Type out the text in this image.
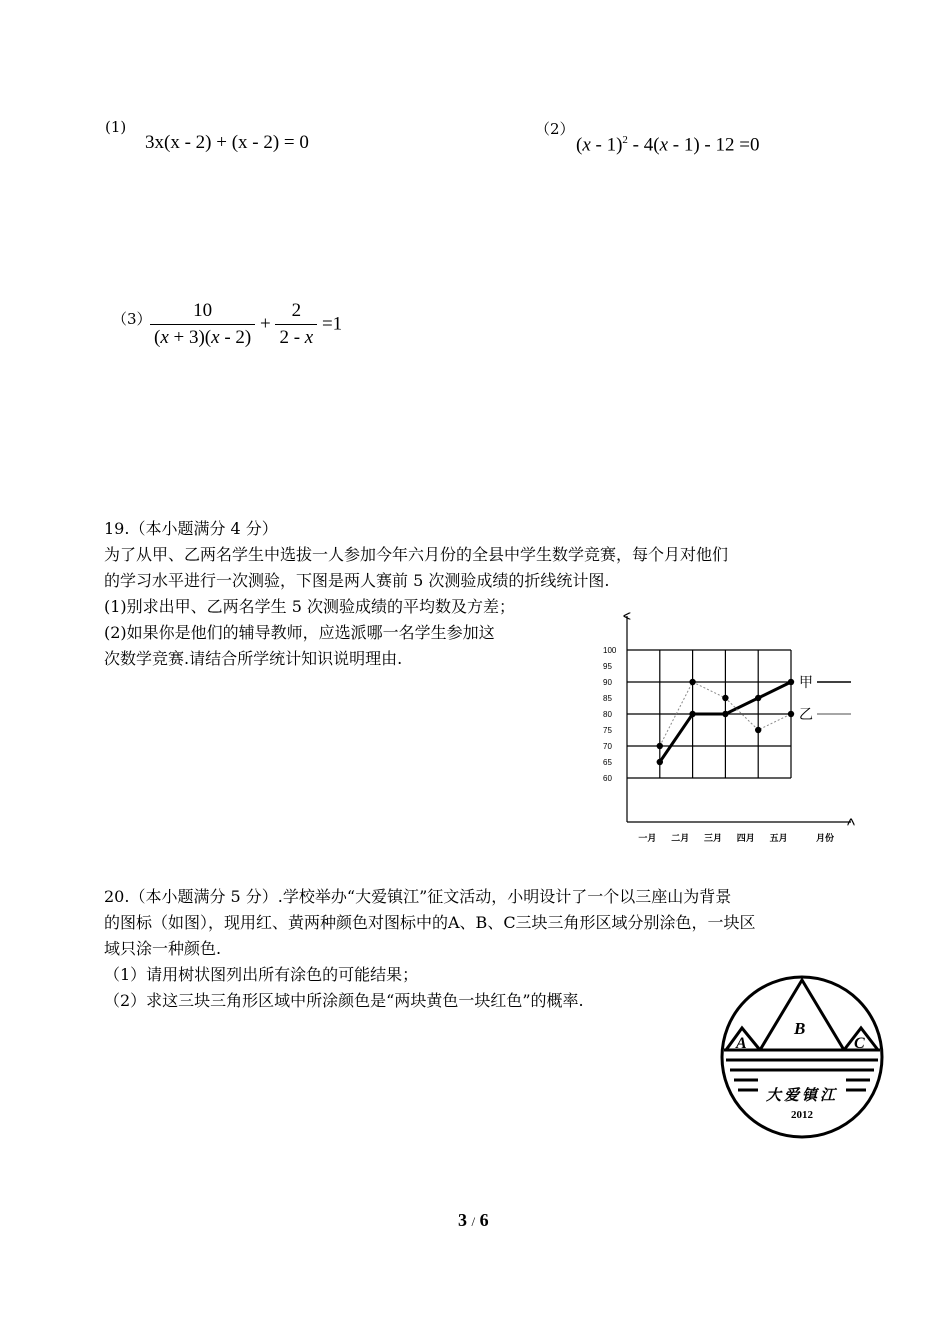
(1)
3x(x - 2) + (x - 2) = 0
（2）
(x - 1)$^2$ - 4(x - 1) - 12 =0
（3）
$\frac{10}{(x + 3)(x - 2)} + \frac{2}{2 - x} =1$
19.（本小题满分 4 分）
为了从甲、乙两名学生中选拔一人参加今年六月份的全县中学生数学竞赛，每个月对他们
的学习水平进行一次测验，下图是两人赛前 5 次测验成绩的折线统计图.
(1)别求出甲、乙两名学生 5 次测验成绩的平均数及方差；
(2)如果你是他们的辅导教师，应选派哪一名学生参加这
次数学竞赛.请结合所学统计知识说明理由.
60
65
70
75
80
85
90
95
100
一月 二月 三月 四月 五月	月份
甲
乙
20.（本小题满分 5 分）.学校举办“大爱镇江”征文活动，小明设计了一个以三座山为背景
的图标（如图），现用红、黄两种颜色对图标中的A、B、C三块三角形区域分别涂色，一块区
域只涂一种颜色.
（1）请用树状图列出所有涂色的可能结果；
（2）求这三块三角形区域中所涂颜色是“两块黄色一块红色”的概率.
A
B
C
大爱镇江
2012
3 / 6
